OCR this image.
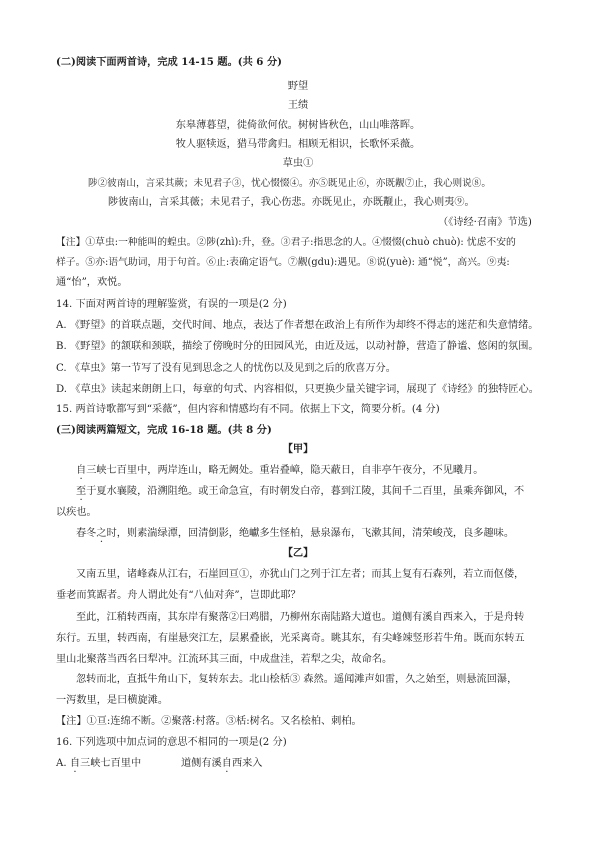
(二)阅读下面两首诗，完成 14-15 题。(共 6 分)
野望
王绩
东皋薄暮望，徙倚欲何依。树树皆秋色，山山唯落晖。
牧人驱犊返，猎马带禽归。相顾无相识，长歌怀采薇。
草虫①
陟②彼南山，言采其蕨；未见君子③，忧心惙惙④。亦⑤既见止⑥，亦既觏⑦止，我心则说⑧。
陟彼南山，言采其薇；未见君子，我心伤悲。亦既见止，亦既觏止，我心则夷⑨。
（《诗经·召南》节选)
【注】①草虫:一种能叫的蝗虫。②陟(zhì):升，登。③君子:指思念的人。④惙惙(chuò chuò): 忧虑不安的
样子。⑤亦:语气助词，用于句首。⑥止:表确定语气。⑦觏(gdu):遇见。⑧说(yuè): 通“悦”，高兴。⑨夷:
通“怡”，欢悦。
14. 下面对两首诗的理解鉴赏，有误的一项是(2 分)
A. 《野望》的首联点题，交代时间、地点，表达了作者想在政治上有所作为却终不得志的迷茫和失意情绪。
B. 《野望》的颔联和颈联，描绘了傍晚时分的田园风光，由近及远，以动衬静，营造了静谧、悠闲的氛围。
C. 《草虫》第一节写了没有见到思念之人的忧伤以及见到之后的欣喜万分。
D. 《草虫》读起来朗朗上口，每章的句式、内容相似，只更换少量关键字词，展现了《诗经》的独特匠心。
15. 两首诗歌都写到“采薇”，但内容和情感均有不同。依据上下文，简要分析。(4 分)
(三)阅读两篇短文，完成 16-18 题。(共 8 分)
【甲】
自三峡七百里中，两岸连山，略无阙处。重岩叠嶂，隐天蔽日，自非亭午夜分，不见曦月。
至于夏水襄陵，沿溯阻绝。或王命急宣，有时朝发白帝，暮到江陵，其间千二百里，虽乘奔御风，不
以疾也。
春冬之时，则素湍绿潭，回清倒影，绝巘多生怪柏，悬泉瀑布，飞漱其间，清荣峻茂，良多趣味。
【乙】
又南五里，诸峰森从江右，石崖回亘①，亦犹山门之列于江左者；而其上复有石森列，若立而伛偻，
垂老而箕踞者。舟人谓此处有“八仙对奔”，岂即此耶？
至此，江稍转西南，其东岸有聚落②曰鸡腊，乃柳州东南陆路大道也。道侧有溪自西来入，于是舟转
东行。五里，转西南，有崖悬突江左，层累叠嵌，光采离奇。眺其东，有尖峰竦竖形若牛角。既而东转五
里山北聚落当西名曰犁冲。江流环其三面，中成盘洼，若犁之尖，故命名。
忽转而北，直抵牛角山下，复转东去。北山桧栝③ 森然。遥闻滩声如雷，久之始至，则悬流回瀑，
一泻数里，是曰横旋滩。
【注】①亘:连绵不断。②聚落:村落。③栝:树名。又名桧柏、刺柏。
16. 下列选项中加点词的意思不相同的一项是(2 分)
A. 自三峡七百里中	道侧有溪自西来入
